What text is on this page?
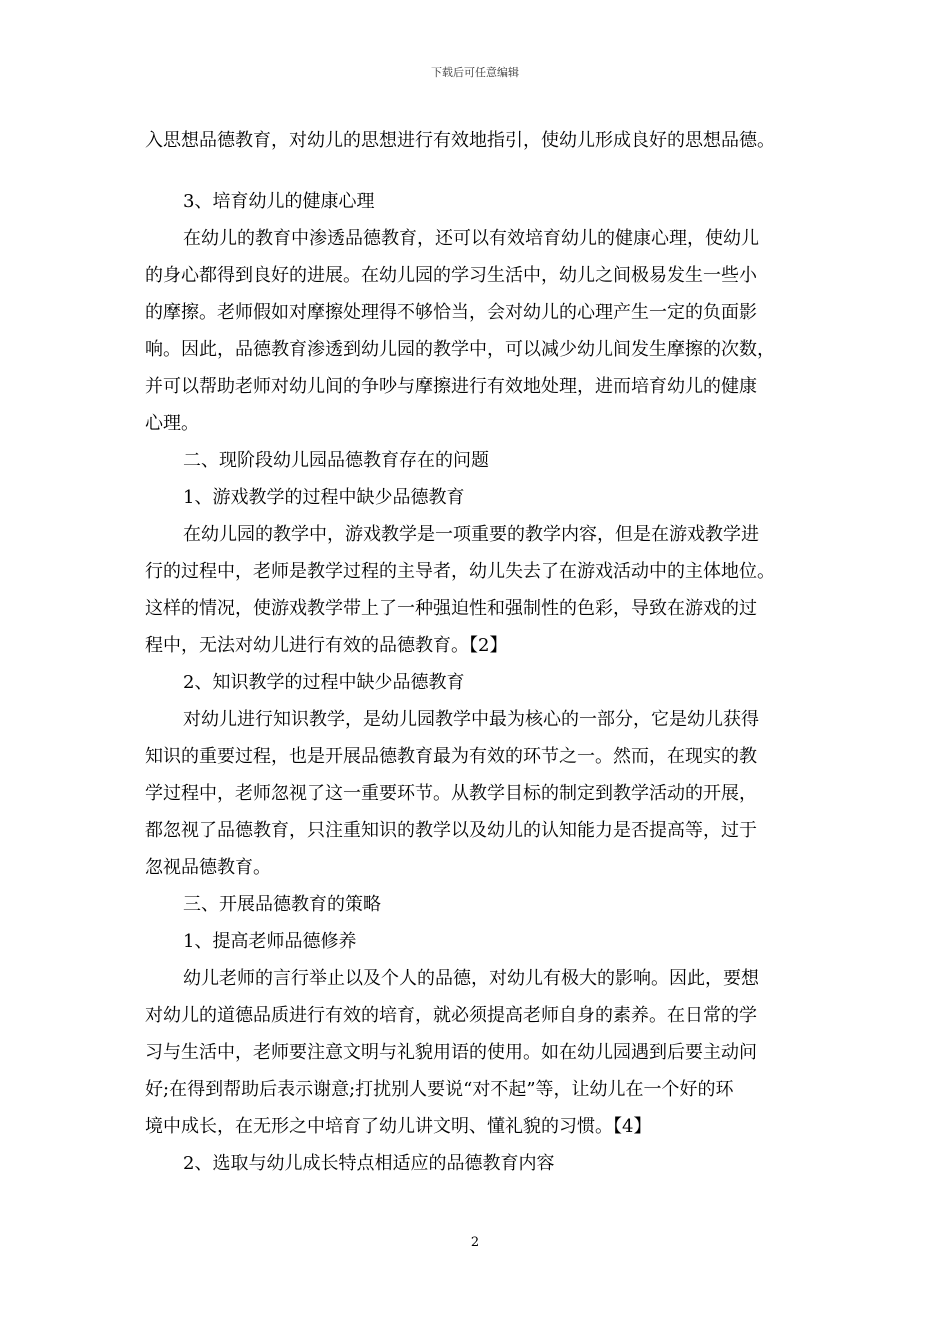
下载后可任意编辑
入思想品德教育，对幼儿的思想进行有效地指引，使幼儿形成良好的思想品德。
3、培育幼儿的健康心理
在幼儿的教育中渗透品德教育，还可以有效培育幼儿的健康心理，使幼儿
的身心都得到良好的进展。在幼儿园的学习生活中，幼儿之间极易发生一些小
的摩擦。老师假如对摩擦处理得不够恰当，会对幼儿的心理产生一定的负面影
响。因此，品德教育渗透到幼儿园的教学中，可以减少幼儿间发生摩擦的次数，
并可以帮助老师对幼儿间的争吵与摩擦进行有效地处理，进而培育幼儿的健康
心理。
二、现阶段幼儿园品德教育存在的问题
1、游戏教学的过程中缺少品德教育
在幼儿园的教学中，游戏教学是一项重要的教学内容，但是在游戏教学进
行的过程中，老师是教学过程的主导者，幼儿失去了在游戏活动中的主体地位。
这样的情况，使游戏教学带上了一种强迫性和强制性的色彩，导致在游戏的过
程中，无法对幼儿进行有效的品德教育。【2】
2、知识教学的过程中缺少品德教育
对幼儿进行知识教学，是幼儿园教学中最为核心的一部分，它是幼儿获得
知识的重要过程，也是开展品德教育最为有效的环节之一。然而，在现实的教
学过程中，老师忽视了这一重要环节。从教学目标的制定到教学活动的开展，
都忽视了品德教育，只注重知识的教学以及幼儿的认知能力是否提高等，过于
忽视品德教育。
三、开展品德教育的策略
1、提高老师品德修养
幼儿老师的言行举止以及个人的品德，对幼儿有极大的影响。因此，要想
对幼儿的道德品质进行有效的培育，就必须提高老师自身的素养。在日常的学
习与生活中，老师要注意文明与礼貌用语的使用。如在幼儿园遇到后要主动问
好;在得到帮助后表示谢意;打扰别人要说“对不起”等，让幼儿在一个好的环
境中成长，在无形之中培育了幼儿讲文明、懂礼貌的习惯。【4】
2、选取与幼儿成长特点相适应的品德教育内容
2
